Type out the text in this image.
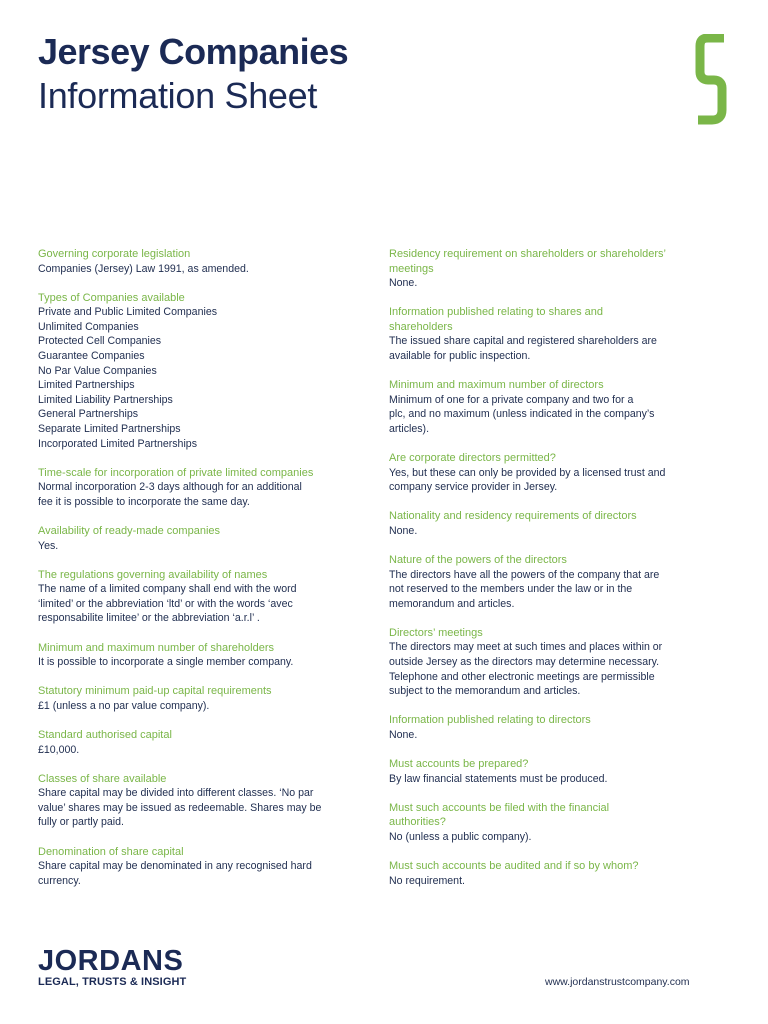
Jersey Companies
Information Sheet

Governing corporate legislation

Companies (Jersey) Law 1991, as amended.

Types of Companies available

Private and Public Limited Companies

Unlimited Companies

Protected Cell Companies

Guarantee Companies

No Par Value Companies

Limited Partnerships

Limited Liability Partnerships

General Partnerships

Separate Limited Partnerships

Incorporated Limited Partnerships

Time-scale for incorporation of private limited companies

Normal incorporation 2-3 days although for an additional

fee it is possible to incorporate the same day.

Availability of ready-made companies

Yes.

The regulations governing availability of names

The name of a limited company shall end with the word

‘limited’ or the abbreviation ‘ltd’ or with the words ‘avec

responsabilite limitee’ or the abbreviation ‘a.r.l’ .

Minimum and maximum number of shareholders

It is possible to incorporate a single member company.

Statutory minimum paid-up capital requirements

£1 (unless a no par value company).

Standard authorised capital

£10,000.

Classes of share available

Share capital may be divided into different classes. ‘No par

value’ shares may be issued as redeemable. Shares may be

fully or partly paid.

Denomination of share capital

Share capital may be denominated in any recognised hard

currency.

Residency requirement on shareholders or shareholders’

meetings

None.

Information published relating to shares and

shareholders

The issued share capital and registered shareholders are

available for public inspection.

Minimum and maximum number of directors

Minimum of one for a private company and two for a

plc, and no maximum (unless indicated in the company’s

articles).

Are corporate directors permitted?

Yes, but these can only be provided by a licensed trust and

company service provider in Jersey.

Nationality and residency requirements of directors

None.

Nature of the powers of the directors

The directors have all the powers of the company that are

not reserved to the members under the law or in the

memorandum and articles.

Directors’ meetings

The directors may meet at such times and places within or

outside Jersey as the directors may determine necessary.

Telephone and other electronic meetings are permissible

subject to the memorandum and articles.

Information published relating to directors

None.

Must accounts be prepared?

By law financial statements must be produced.

Must such accounts be filed with the financial

authorities?

No (unless a public company).

Must such accounts be audited and if so by whom?

No requirement.

JORDANS
LEGAL, TRUSTS & INSIGHT	www.jordanstrustcompany.com
